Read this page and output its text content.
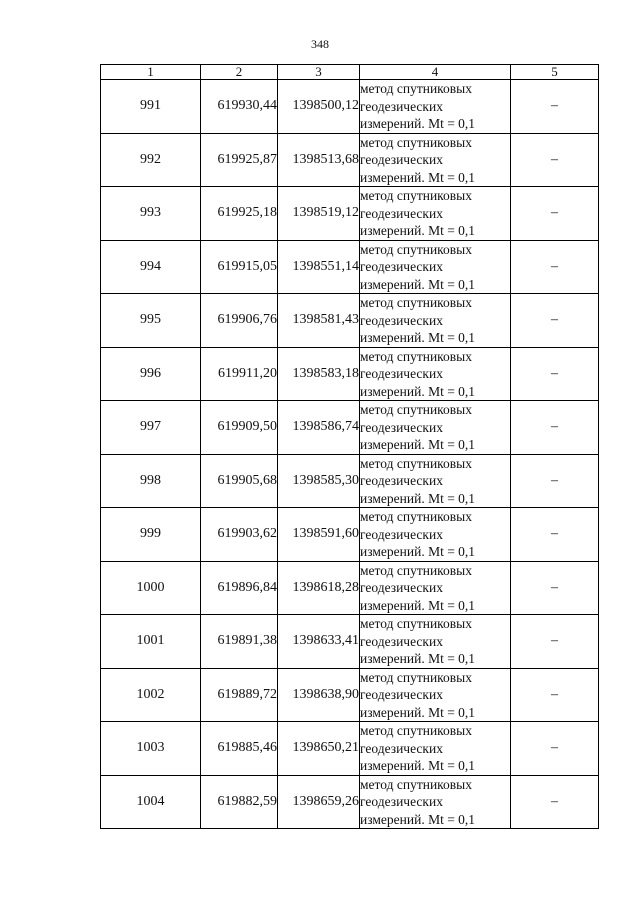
348
1	2	3	4	5
991	619930,44	1398500,12	метод спутниковых
геодезических
измерений. Mt = 0,1	–
992	619925,87	1398513,68	метод спутниковых
геодезических
измерений. Mt = 0,1	–
993	619925,18	1398519,12	метод спутниковых
геодезических
измерений. Mt = 0,1	–
994	619915,05	1398551,14	метод спутниковых
геодезических
измерений. Mt = 0,1	–
995	619906,76	1398581,43	метод спутниковых
геодезических
измерений. Mt = 0,1	–
996	619911,20	1398583,18	метод спутниковых
геодезических
измерений. Mt = 0,1	–
997	619909,50	1398586,74	метод спутниковых
геодезических
измерений. Mt = 0,1	–
998	619905,68	1398585,30	метод спутниковых
геодезических
измерений. Mt = 0,1	–
999	619903,62	1398591,60	метод спутниковых
геодезических
измерений. Mt = 0,1	–
1000	619896,84	1398618,28	метод спутниковых
геодезических
измерений. Mt = 0,1	–
1001	619891,38	1398633,41	метод спутниковых
геодезических
измерений. Mt = 0,1	–
1002	619889,72	1398638,90	метод спутниковых
геодезических
измерений. Mt = 0,1	–
1003	619885,46	1398650,21	метод спутниковых
геодезических
измерений. Mt = 0,1	–
1004	619882,59	1398659,26	метод спутниковых
геодезических
измерений. Mt = 0,1	–
